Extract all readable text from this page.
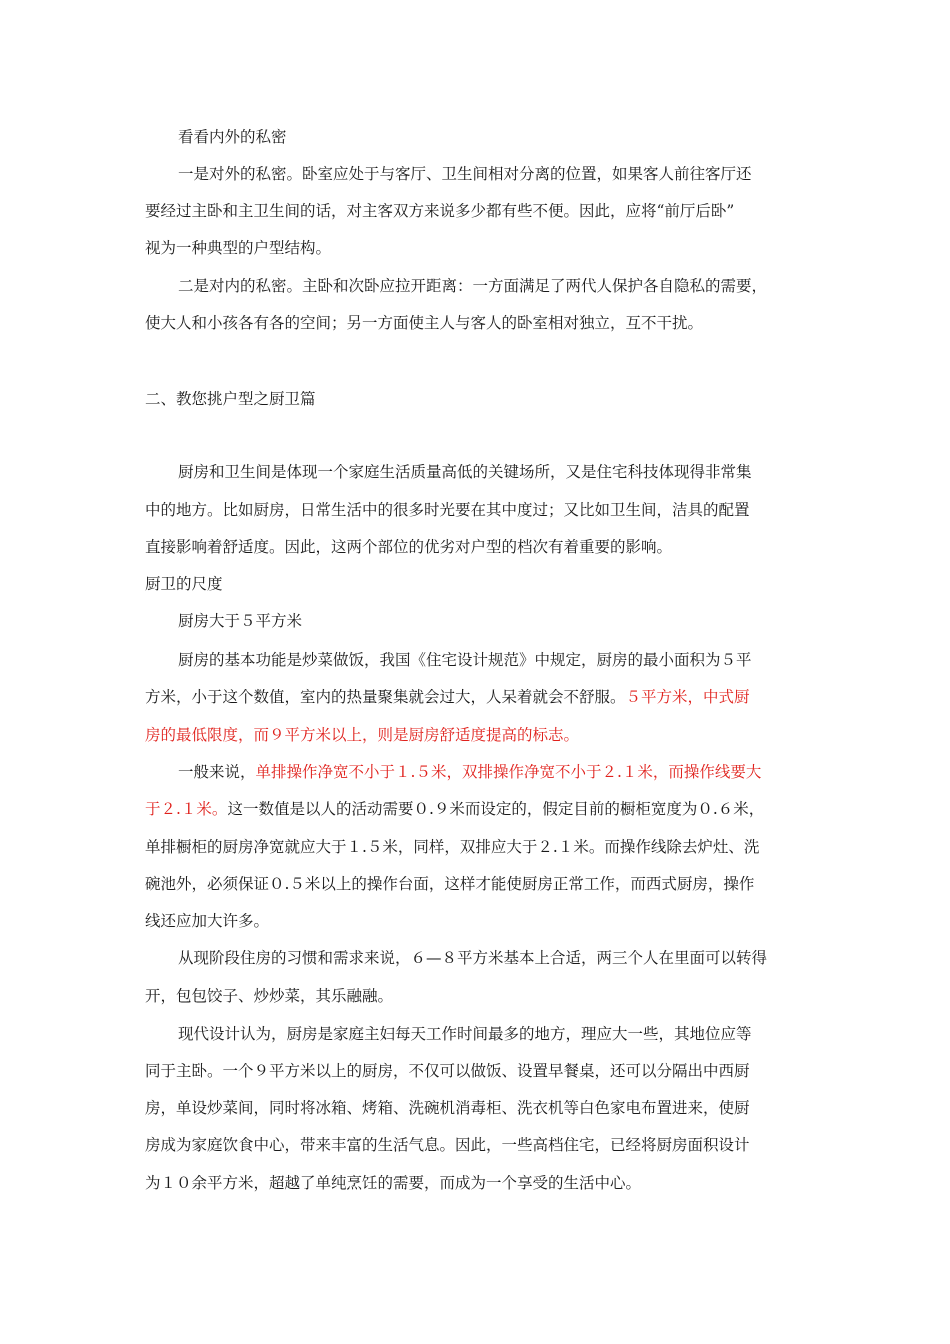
看看内外的私密
一是对外的私密。卧室应处于与客厅、卫生间相对分离的位置，如果客人前往客厅还
要经过主卧和主卫生间的话，对主客双方来说多少都有些不便。因此，应将“前厅后卧”
视为一种典型的户型结构。
二是对内的私密。主卧和次卧应拉开距离：一方面满足了两代人保护各自隐私的需要，
使大人和小孩各有各的空间；另一方面使主人与客人的卧室相对独立，互不干扰。
二、教您挑户型之厨卫篇
厨房和卫生间是体现一个家庭生活质量高低的关键场所，又是住宅科技体现得非常集
中的地方。比如厨房，日常生活中的很多时光要在其中度过；又比如卫生间，洁具的配置
直接影响着舒适度。因此，这两个部位的优劣对户型的档次有着重要的影响。
厨卫的尺度
厨房大于５平方米
厨房的基本功能是炒菜做饭，我国《住宅设计规范》中规定，厨房的最小面积为５平
方米，小于这个数值，室内的热量聚集就会过大，人呆着就会不舒服。５平方米，中式厨
房的最低限度，而９平方米以上，则是厨房舒适度提高的标志。
一般来说，单排操作净宽不小于１.５米，双排操作净宽不小于２.１米，而操作线要大
于２.１米。这一数值是以人的活动需要０.９米而设定的，假定目前的橱柜宽度为０.６米，
单排橱柜的厨房净宽就应大于１.５米，同样，双排应大于２.１米。而操作线除去炉灶、洗
碗池外，必须保证０.５米以上的操作台面，这样才能使厨房正常工作，而西式厨房，操作
线还应加大许多。
从现阶段住房的习惯和需求来说，６—８平方米基本上合适，两三个人在里面可以转得
开，包包饺子、炒炒菜，其乐融融。
现代设计认为，厨房是家庭主妇每天工作时间最多的地方，理应大一些，其地位应等
同于主卧。一个９平方米以上的厨房，不仅可以做饭、设置早餐桌，还可以分隔出中西厨
房，单设炒菜间，同时将冰箱、烤箱、洗碗机消毒柜、洗衣机等白色家电布置进来，使厨
房成为家庭饮食中心，带来丰富的生活气息。因此，一些高档住宅，已经将厨房面积设计
为１０余平方米，超越了单纯烹饪的需要，而成为一个享受的生活中心。
